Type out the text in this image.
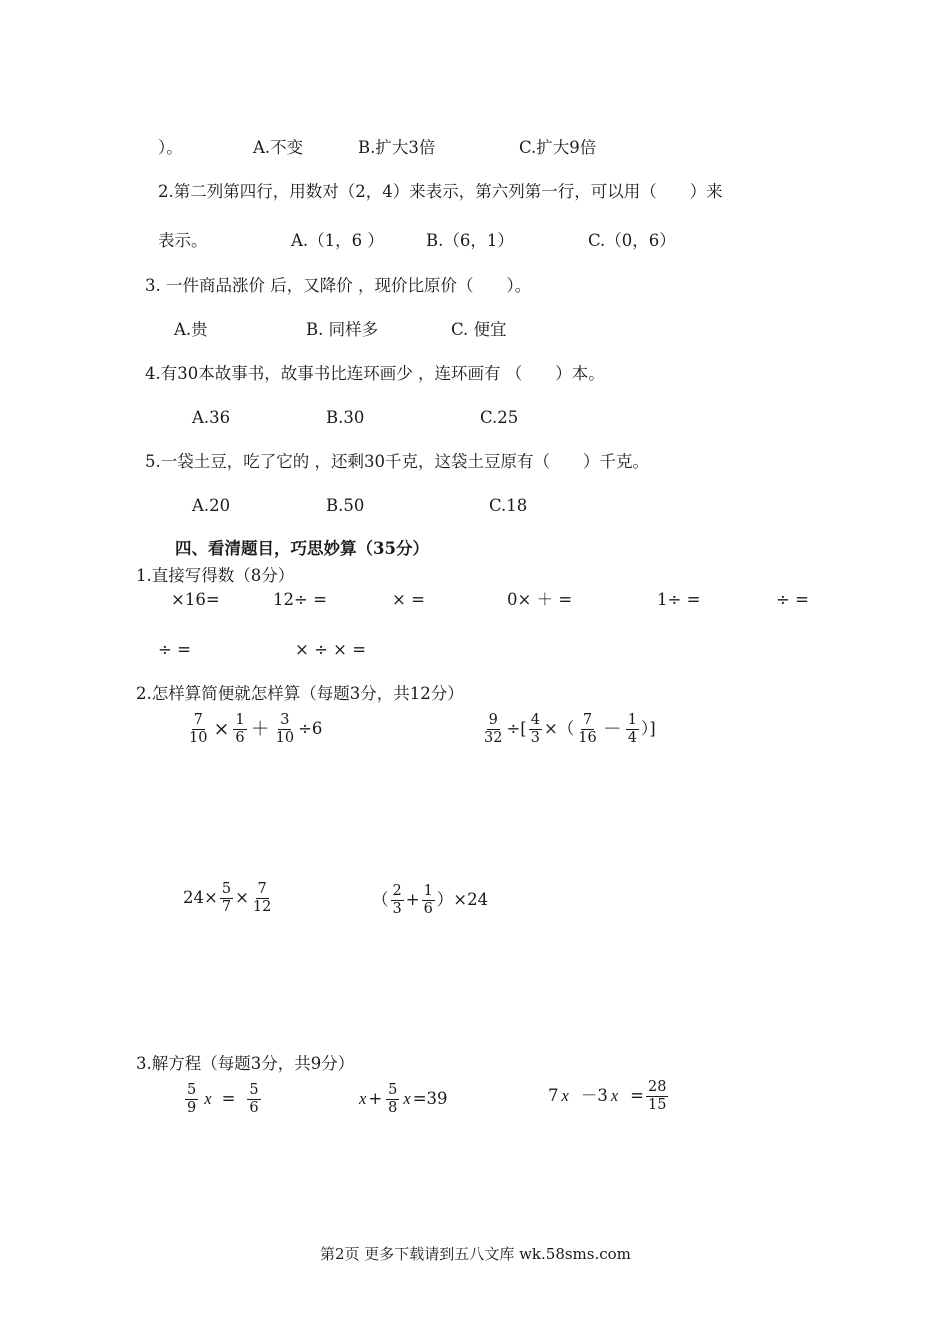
）。	A.不变	B.扩大3倍	C.扩大9倍
2.第二列第四行，用数对（2，4）来表示，第六列第一行，可以用（　　）来
表示。	A.（1，6 ）	B.（6，1）	C.（0，6）
3. 一件商品涨价 后，又降价 ，现价比原价（　　）。
A.贵	B. 同样多	C. 便宜
4.有30本故事书，故事书比连环画少 ，连环画有 （　　）本。
A.36	B.30	C.25
5.一袋土豆，吃了它的 ，还剩30千克，这袋土豆原有（　　）千克。
A.20	B.50	C.18
四、看清题目，巧思妙算（35分）
1.直接写得数（8分）
×16=	12÷ =	× =	0× ＋ =	1÷ =	÷ =
÷ =	× ÷ × =
2.怎样算简便就怎样算（每题3分，共12分）
$\frac{7}{10} \times \frac{1}{6} + \frac{3}{10} \div 6$	$\frac{9}{32}$ ÷[ $\frac{4}{3}$ ×（ $\frac{7}{16} - \frac{1}{4}$ ）]
$24\times \frac{5}{7} \times \frac{7}{12}$	（ $\frac{2}{3} + \frac{1}{6} )\times 24$
3.解方程（每题3分，共9分）
$\frac{5}{9}$ $x = \frac{5}{6}$	$x + \frac{5}{8}$ x =39	7 x －3 $x = \frac{28}{15}$
第2页 更多下载请到五八文库 wk.58sms.com
